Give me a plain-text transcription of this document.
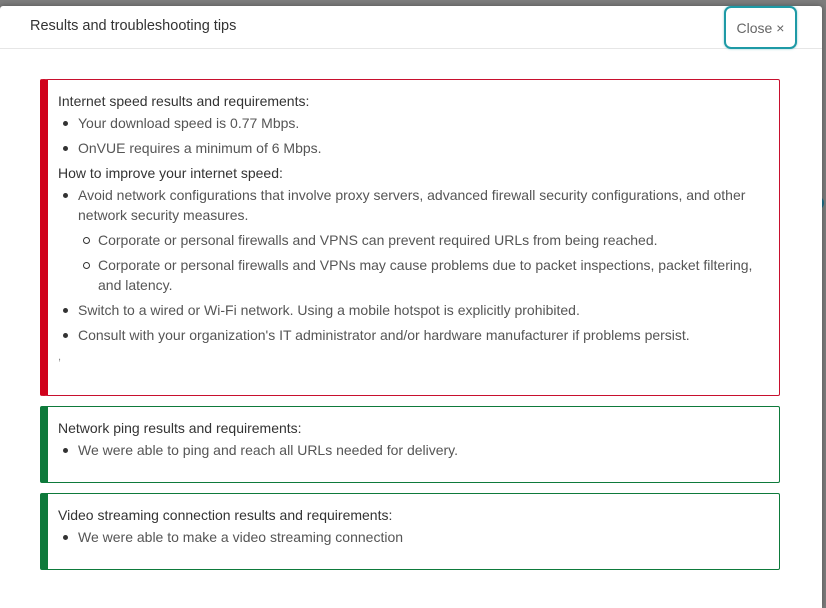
Results and troubleshooting tips	Close ×
Internet speed results and requirements:
Your download speed is 0.77 Mbps.
OnVUE requires a minimum of 6 Mbps.
How to improve your internet speed:
Avoid network configurations that involve proxy servers, advanced firewall security configurations, and other network security measures.
Corporate or personal firewalls and VPNS can prevent required URLs from being reached.
Corporate or personal firewalls and VPNs may cause problems due to packet inspections, packet filtering, and latency.
Switch to a wired or Wi-Fi network. Using a mobile hotspot is explicitly prohibited.
Consult with your organization's IT administrator and/or hardware manufacturer if problems persist.
,
Network ping results and requirements:
We were able to ping and reach all URLs needed for delivery.
Video streaming connection results and requirements:
We were able to make a video streaming connection
